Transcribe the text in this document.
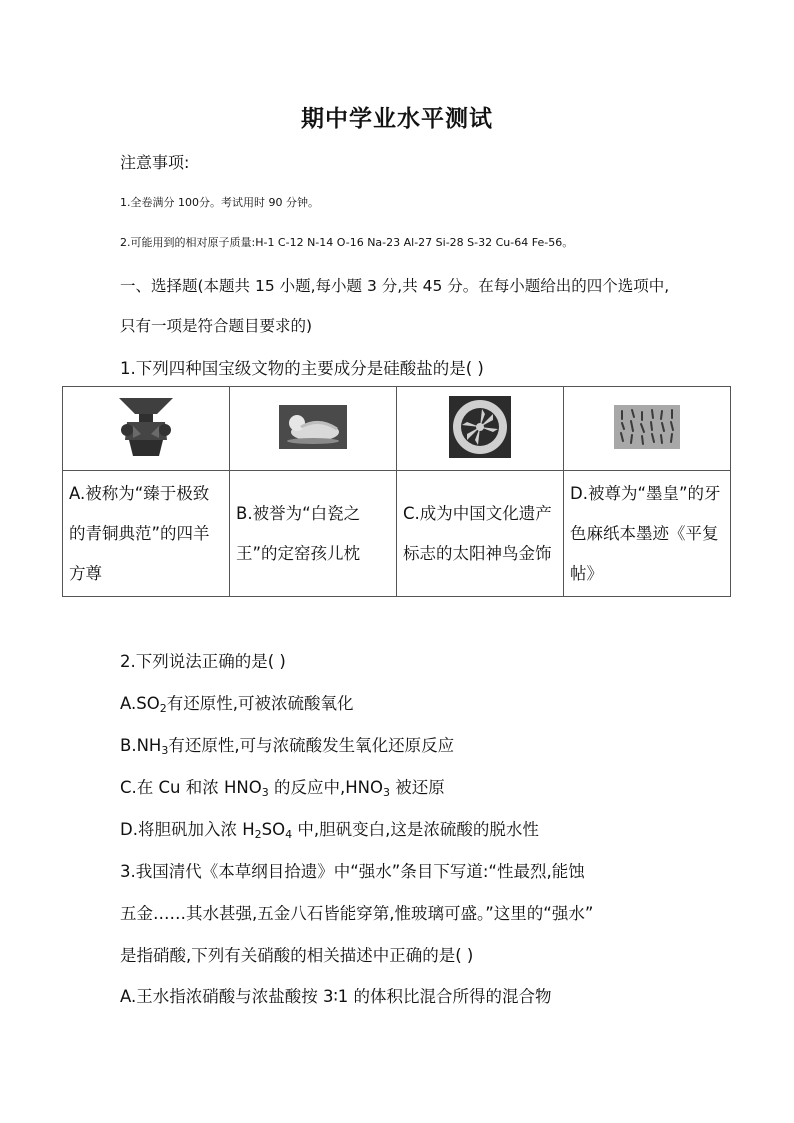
期中学业水平测试
注意事项:
1.全卷满分 100分。考试用时 90 分钟。
2.可能用到的相对原子质量:H-1 C-12 N-14 O-16 Na-23 Al-27 Si-28 S-32 Cu-64 Fe-56。
一、选择题(本题共 15 小题,每小题 3 分,共 45 分。在每小题给出的四个选项中,
只有一项是符合题目要求的)
1.下列四种国宝级文物的主要成分是硅酸盐的是( )

A.被称为“臻于极致的青铜典范”的四羊方尊	B.被誉为“白瓷之王”的定窑孩儿枕	C.成为中国文化遗产标志的太阳神鸟金饰	D.被尊为“墨皇”的牙色麻纸本墨迹《平复帖》
2.下列说法正确的是( )
$A.SO_2$有还原性,可被浓硫酸氧化
$B.NH_3$有还原性,可与浓硫酸发生氧化还原反应
C.在 Cu 和浓 $HNO_3$ 的反应中$,HNO_3$ 被还原
D.将胆矾加入浓 $H_2SO_4$ 中,胆矾变白,这是浓硫酸的脱水性
3.我国清代《本草纲目拾遗》中“强水”条目下写道:“性最烈,能蚀
五金……其水甚强,五金八石皆能穿第,惟玻璃可盛。”这里的“强水”
是指硝酸,下列有关硝酸的相关描述中正确的是( )
A.王水指浓硝酸与浓盐酸按 3∶1 的体积比混合所得的混合物
